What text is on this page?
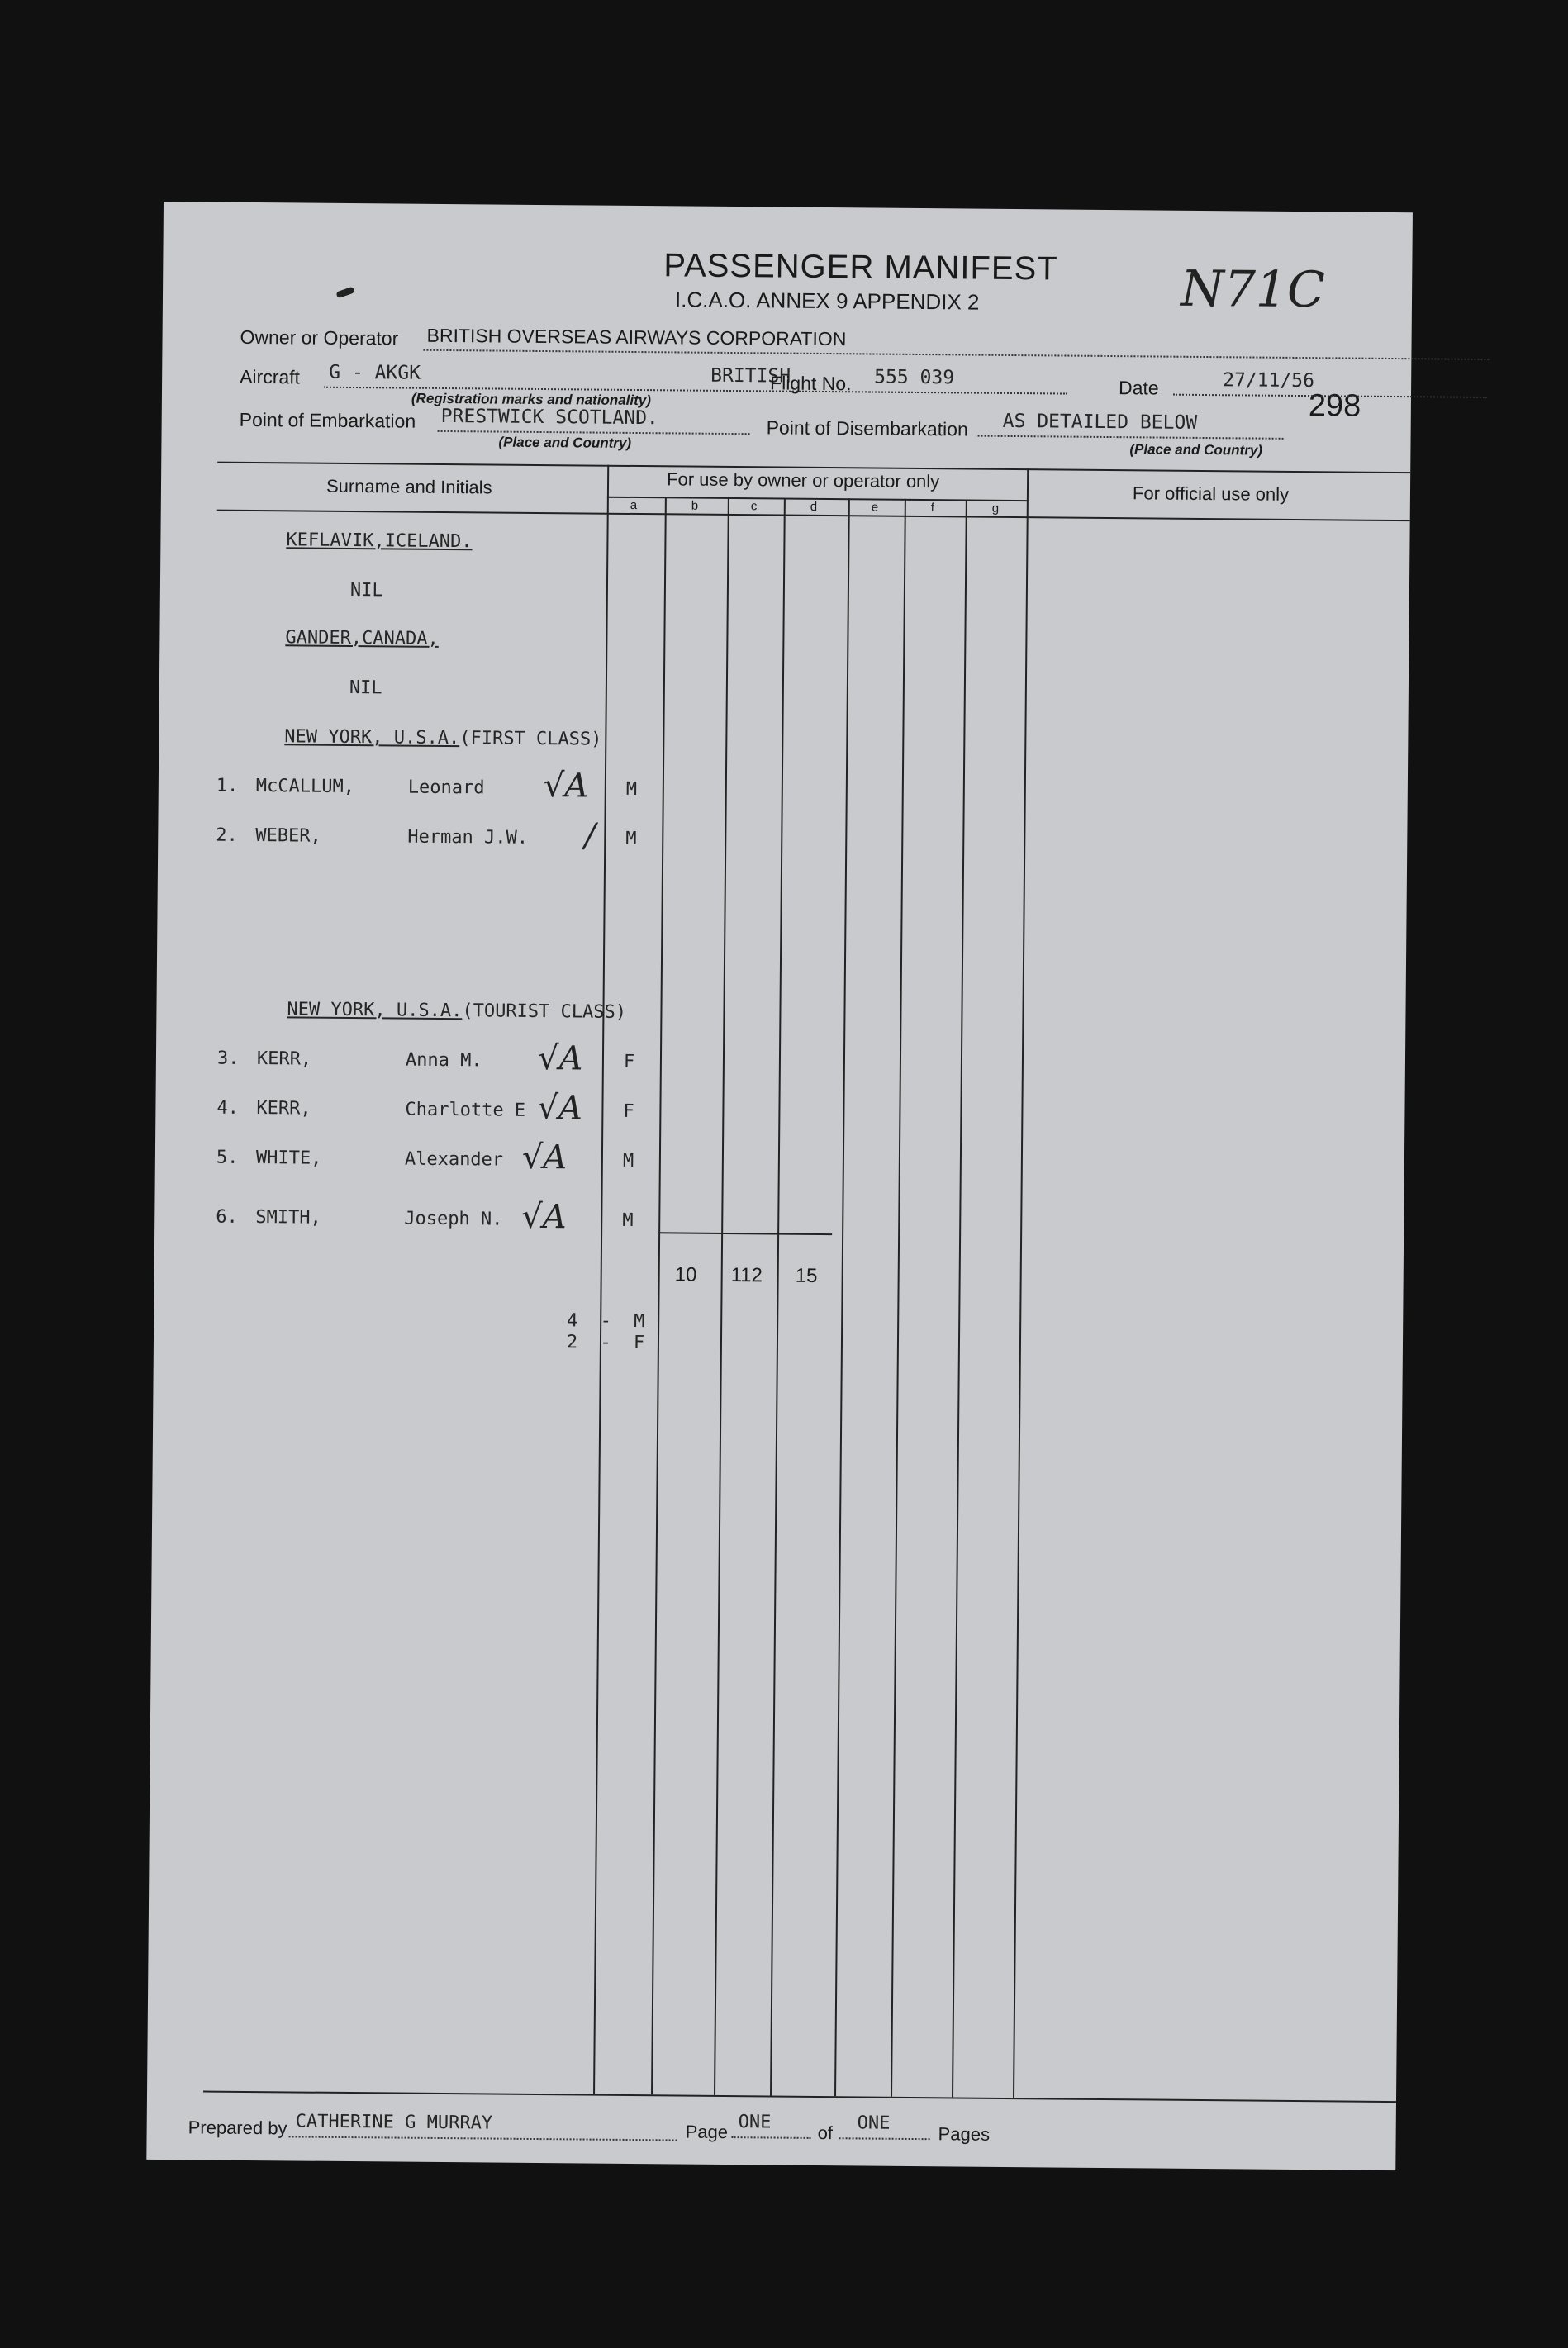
PASSENGER MANIFEST
I.C.A.O. ANNEX 9 APPENDIX 2	N71C
298
Owner or Operator BRITISH OVERSEAS AIRWAYS CORPORATION
Aircraft G - AKGK	BRITISH
Flight No. 555 039	Date	27/11/56
(Registration marks and nationality)
Point of Embarkation PRESTWICK SCOTLAND.	Point of Disembarkation	AS DETAILED BELOW
(Place and Country)	(Place and Country)
Surname and Initials	For use by owner or operator only
For official use only
a	b	c	d	e	f	g
KEFLAVIK,ICELAND.
NIL
GANDER,CANADA,
NIL
NEW YORK, U.S.A.(FIRST CLASS)
NEW YORK, U.S.A.(TOURIST CLASS)
1. McCALLUM,	Leonard √A M
2. WEBER,	Herman J.W. / M
3. KERR,	Anna M. √A F
4. KERR,	Charlotte E √A F
5. WHITE,	Alexander √A	M
6. SMITH,	Joseph N. √A	M
10 112 15
4 - M
2 - F
Prepared by CATHERINE G MURRAY	Page ONE
of	ONE
Pages
